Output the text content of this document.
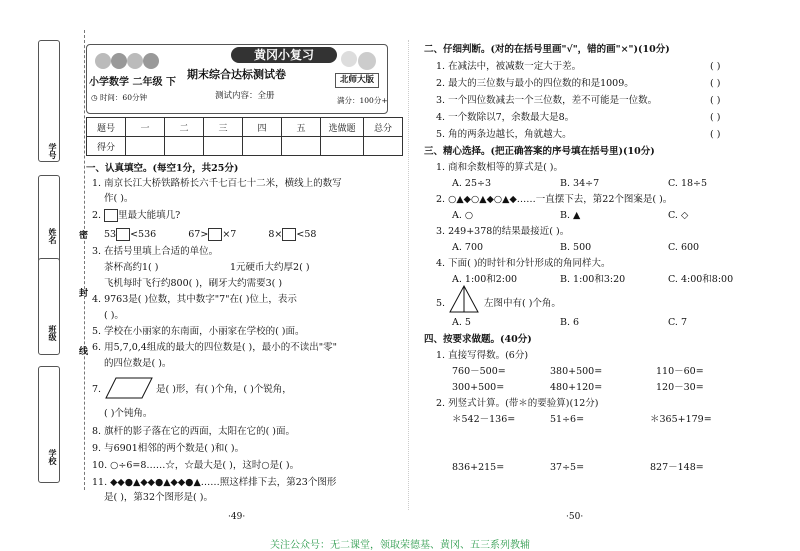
学号
姓名
班级
学校
密
封
线
黄冈小复习
期末综合达标测试卷
小学数学 二年级 下	北师大版
◷ 时间：60分钟	测试内容：全册	满分：100分+
题号	一	二	三	四	五	选做题	总分
得分							
一、认真填空。(每空1分，共25分)
1. 南京长江大桥铁路桥长六千七百七十二米，横线上的数写
作( )。
2. 里最大能填几?
53 <536	67> ×7	8× <58
3. 在括号里填上合适的单位。
茶杯高约1( )	1元硬币大约厚2( )
飞机每时飞行约800( )，刷牙大约需要3( )
4. 9763是( )位数，其中数字"7"在( )位上，表示
( )。
5. 学校在小丽家的东南面，小丽家在学校的( )面。
6. 用5,7,0,4组成的最大的四位数是( )，最小的不读出"零"
的四位数是( )。
7.	是( )形，有( )个角，( )个锐角，
( )个钝角。
8. 旗杆的影子落在它的西面，太阳在它的( )面。
9. 与6901相邻的两个数是( )和( )。
10. ○÷6=8……☆，☆最大是( )，这时○是( )。
11. ◆◆●▲◆◆●▲◆◆●▲……照这样排下去，第23个图形
是( )，第32个图形是( )。
二、仔细判断。(对的在括号里画"√"，错的画"×")(10分)
1. 在减法中，被减数一定大于差。	( )
2. 最大的三位数与最小的四位数的和是1009。	( )
3. 一个四位数减去一个三位数，差不可能是一位数。	( )
4. 一个数除以7，余数最大是8。	( )
5. 角的两条边越长，角就越大。	( )
三、精心选择。(把正确答案的序号填在括号里)(10分)
1. 商和余数相等的算式是( )。
A. 25÷3	B. 34÷7	C. 18÷5
2. ○▲◆○▲◆○▲◆……一直摆下去，第22个图案是( )。
A. ○	B. ▲	C. ◇
3. 249+378的结果最接近( )。
A. 700	B. 500	C. 600
4. 下面( )的时针和分针形成的角同样大。
A. 1:00和2:00	B. 1:00和3:20	C. 4:00和8:00
5.	左图中有( )个角。
A. 5	B. 6	C. 7
四、按要求做题。(40分)
1. 直接写得数。(6分)
760－500=	380+500=	110－60=
300+500=	480+120=	120－30=
2. 列竖式计算。(带＊的要验算)(12分)
＊542－136=	51÷6=	＊365+179=
836+215=	37÷5=	827－148=
·49·	·50·
关注公众号：无二课堂，领取荣德基、黄冈、五三系列教辅
